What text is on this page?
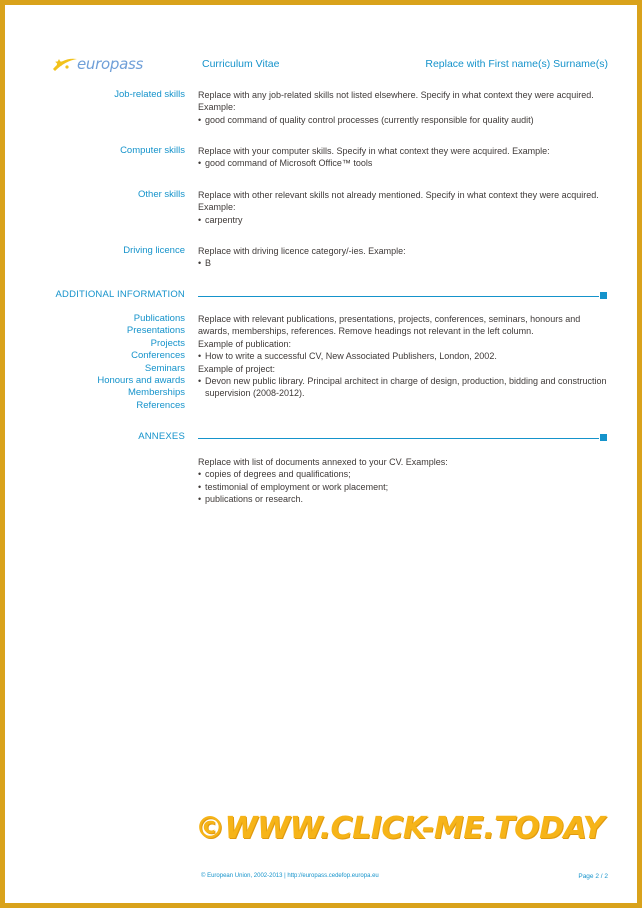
europass	Curriculum Vitae	Replace with First name(s) Surname(s)
Job-related skills Replace with any job-related skills not listed elsewhere. Specify in what context they were acquired. Example:

• good command of quality control processes (currently responsible for quality audit)
Computer skills Replace with your computer skills. Specify in what context they were acquired. Example:

• good command of Microsoft Office™ tools
Other skills Replace with other relevant skills not already mentioned. Specify in what context they were acquired. Example:

• carpentry
Driving licence Replace with driving licence category/-ies. Example:

• B
ADDITIONAL INFORMATION
Publications
Presentations
Projects
Conferences
Seminars
Honours and awards
Memberships
References

Replace with relevant publications, presentations, projects, conferences, seminars, honours and awards, memberships, references. Remove headings not relevant in the left column.

Example of publication:

• How to write a successful CV, New Associated Publishers, London, 2002.

Example of project:

• Devon new public library. Principal architect in charge of design, production, bidding and construction supervision (2008-2012).
ANNEXES

Replace with list of documents annexed to your CV. Examples:

• copies of degrees and qualifications;
• testimonial of employment or work placement;
• publications or research.
©WWW.CLICK-ME.TODAY
© European Union, 2002-2013 | http://europass.cedefop.europa.eu	Page 2 / 2
